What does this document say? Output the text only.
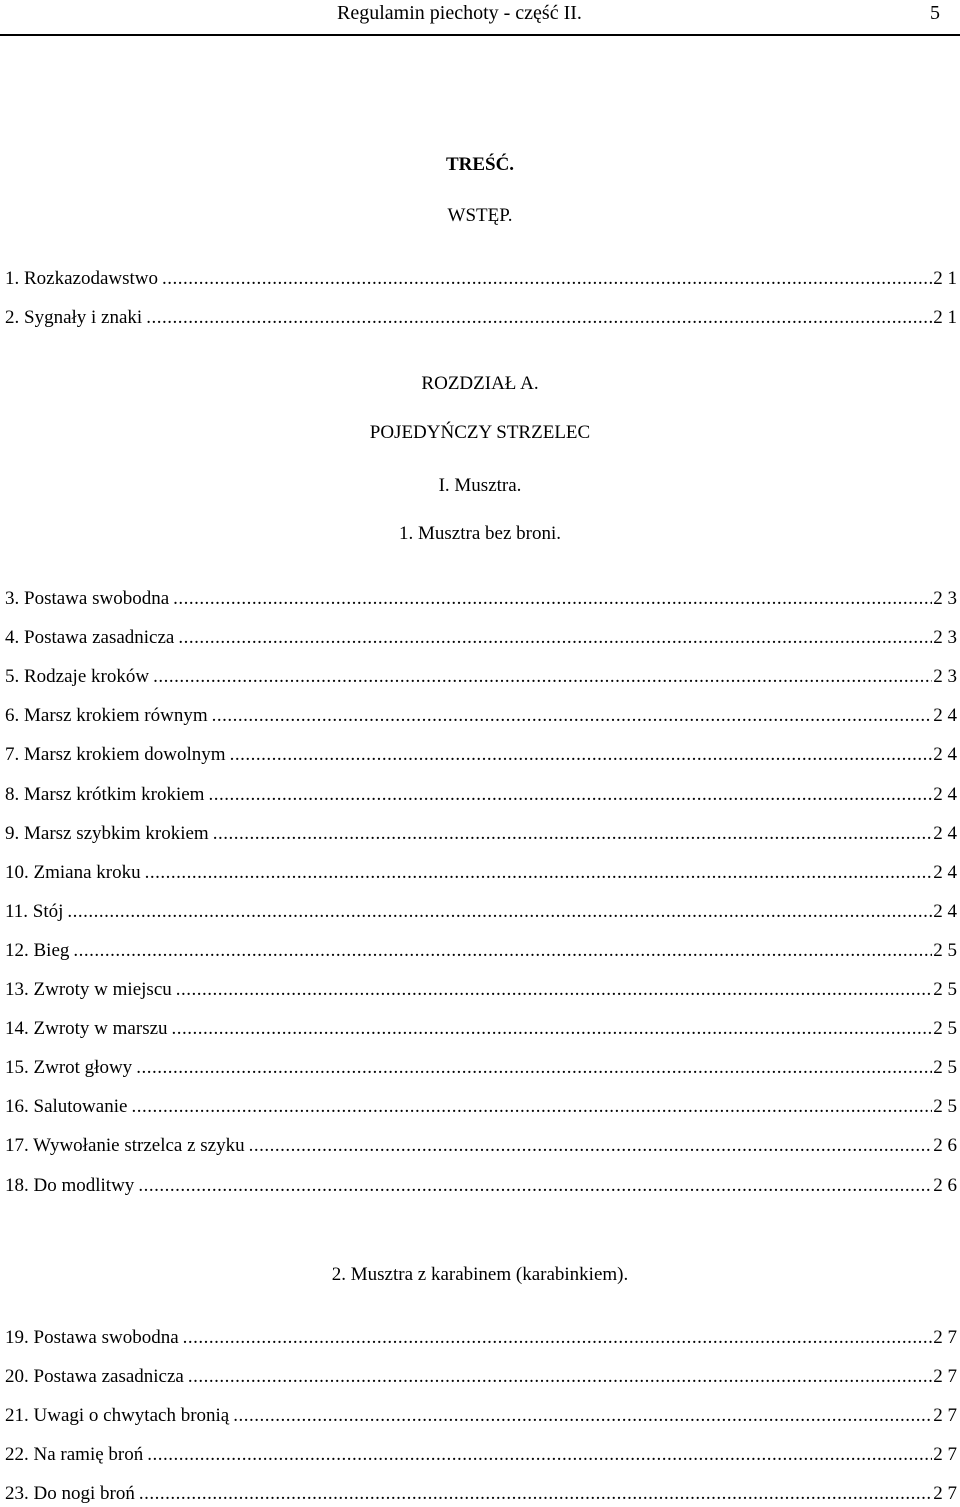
Regulamin piechoty - część II.	5
TREŚĆ.
WSTĘP.
1. Rozkazodawstwo .....	2 1
2. Sygnały i znaki .....	2 1
ROZDZIAŁ A.
POJEDYŃCZY STRZELEC
I. Musztra.
1. Musztra bez broni.
3. Postawa swobodna .....	2 3
4. Postawa zasadnicza .....	2 3
5. Rodzaje kroków .....	2 3
6. Marsz krokiem równym .....	2 4
7. Marsz krokiem dowolnym .....	2 4
8. Marsz krótkim krokiem .....	2 4
9. Marsz szybkim krokiem .....	2 4
10. Zmiana kroku .....	2 4
11. Stój .....	2 4
12. Bieg .....	2 5
13. Zwroty w miejscu .....	2 5
14. Zwroty w marszu .....	2 5
15. Zwrot głowy .....	2 5
16. Salutowanie .....	2 5
17. Wywołanie strzelca z szyku .....	2 6
18. Do modlitwy .....	2 6
2. Musztra z karabinem (karabinkiem).
19. Postawa swobodna .....	2 7
20. Postawa zasadnicza .....	2 7
21. Uwagi o chwytach bronią .....	2 7
22. Na ramię broń .....	2 7
23. Do nogi broń .....	2 7
